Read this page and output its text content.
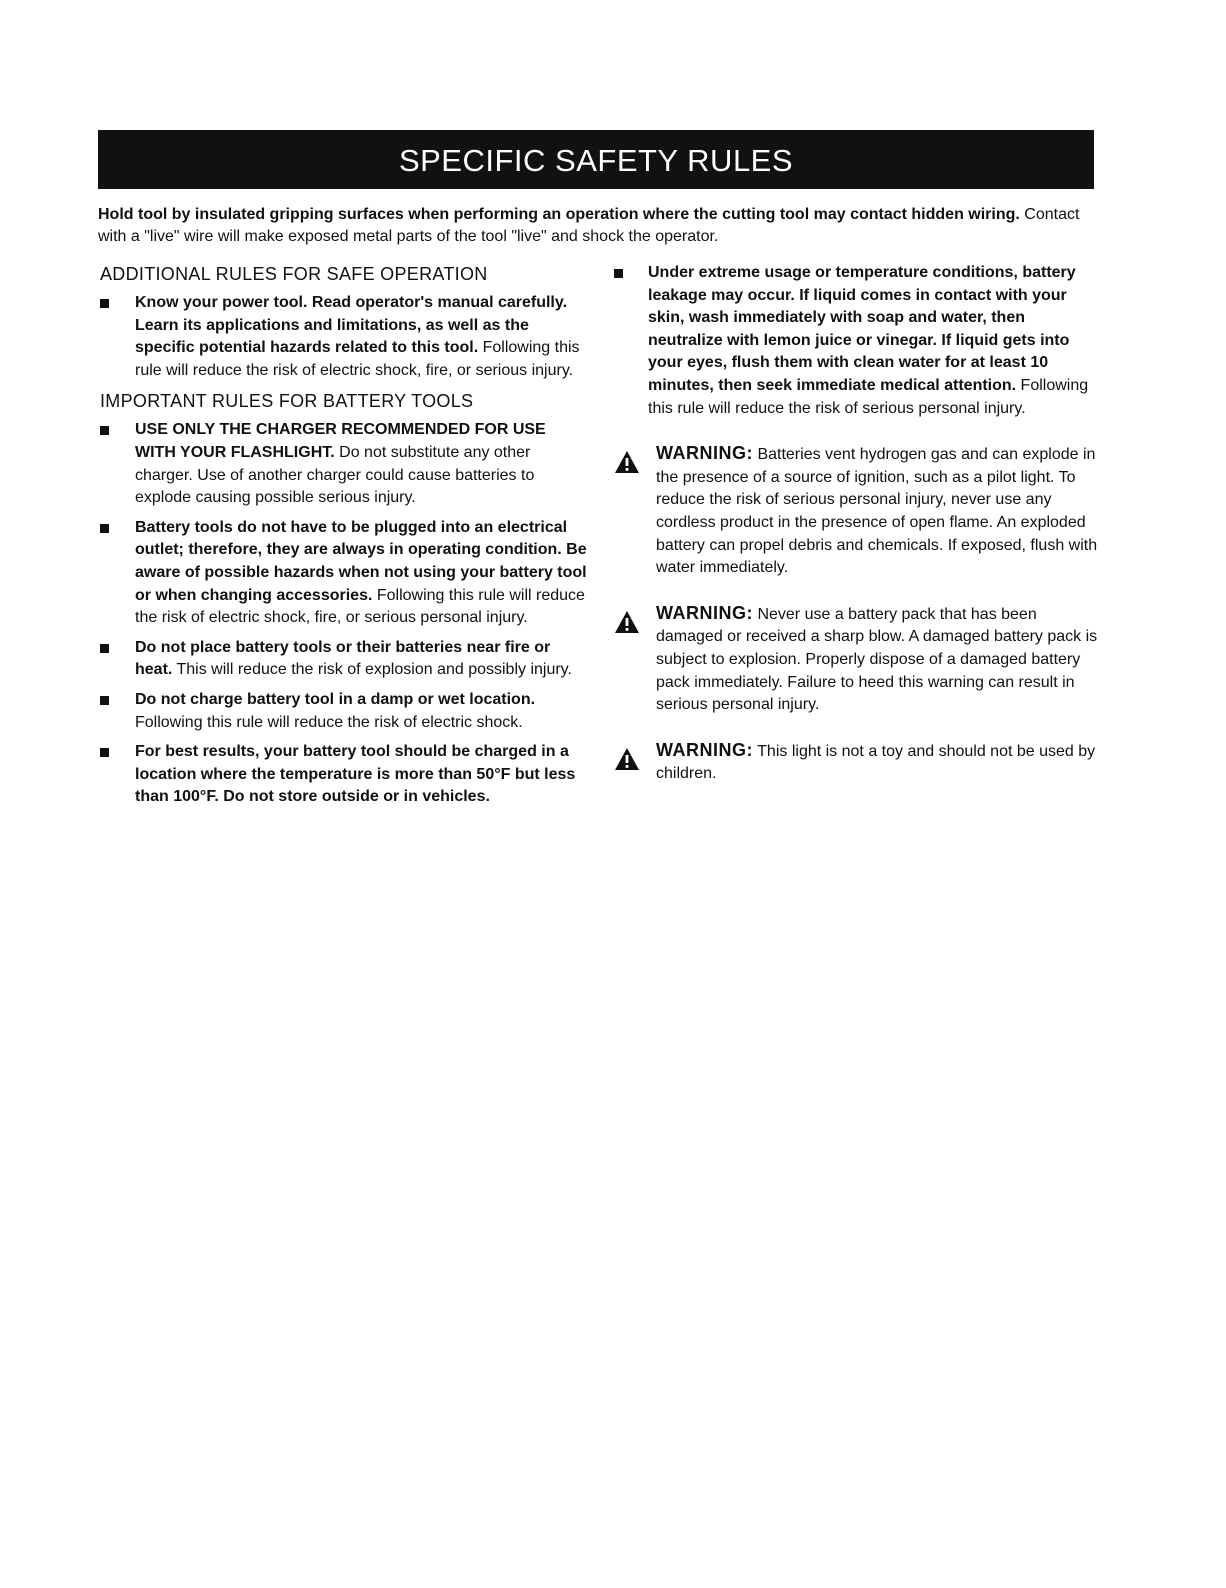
SPECIFIC SAFETY RULES
Hold tool by insulated gripping surfaces when performing an operation where the cutting tool may contact hidden wiring. Contact with a "live" wire will make exposed metal parts of the tool "live" and shock the operator.
ADDITIONAL RULES FOR SAFE OPERATION
Know your power tool. Read operator's manual carefully. Learn its applications and limitations, as well as the specific potential hazards related to this tool. Following this rule will reduce the risk of electric shock, fire, or serious injury.
IMPORTANT RULES FOR BATTERY TOOLS
USE ONLY THE CHARGER RECOMMENDED FOR USE WITH YOUR FLASHLIGHT. Do not substitute any other charger. Use of another charger could cause batteries to explode causing possible serious injury.
Battery tools do not have to be plugged into an electrical outlet; therefore, they are always in operating condition. Be aware of possible hazards when not using your battery tool or when changing accessories. Following this rule will reduce the risk of electric shock, fire, or serious personal injury.
Do not place battery tools or their batteries near fire or heat. This will reduce the risk of explosion and possibly injury.
Do not charge battery tool in a damp or wet location. Following this rule will reduce the risk of electric shock.
For best results, your battery tool should be charged in a location where the temperature is more than 50°F but less than 100°F. Do not store outside or in vehicles.
Under extreme usage or temperature conditions, battery leakage may occur. If liquid comes in contact with your skin, wash immediately with soap and water, then neutralize with lemon juice or vinegar. If liquid gets into your eyes, flush them with clean water for at least 10 minutes, then seek immediate medical attention. Following this rule will reduce the risk of serious personal injury.
WARNING: Batteries vent hydrogen gas and can explode in the presence of a source of ignition, such as a pilot light. To reduce the risk of serious personal injury, never use any cordless product in the presence of open flame. An exploded battery can propel debris and chemicals. If exposed, flush with water immediately.
WARNING: Never use a battery pack that has been damaged or received a sharp blow. A damaged battery pack is subject to explosion. Properly dispose of a damaged battery pack immediately. Failure to heed this warning can result in serious personal injury.
WARNING: This light is not a toy and should not be used by children.
